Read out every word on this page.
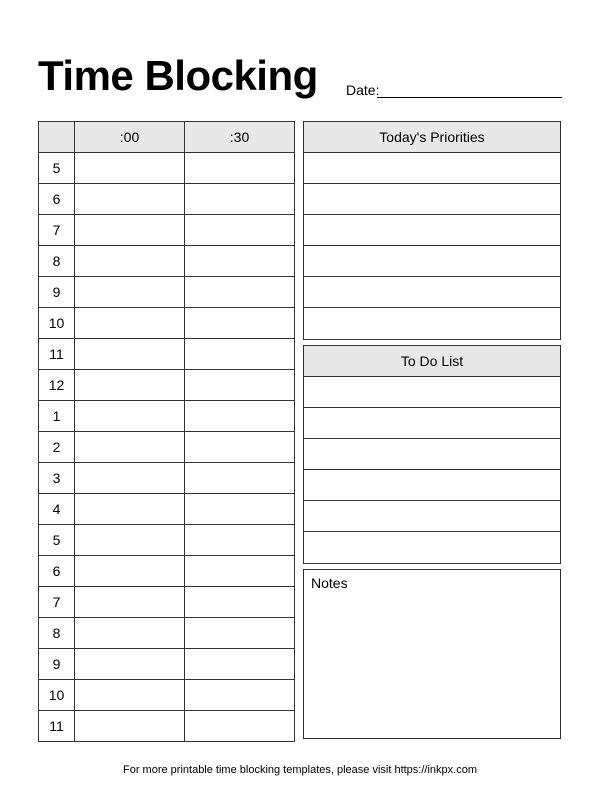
Time Blocking Date:
	:00	:30
5		
6		
7		
8		
9		
10		
11		
12		
1		
2		
3		
4		
5		
6		
7		
8		
9		
10		
11		
Today's Priorities
To Do List
Notes
For more printable time blocking templates, please visit https://inkpx.com
